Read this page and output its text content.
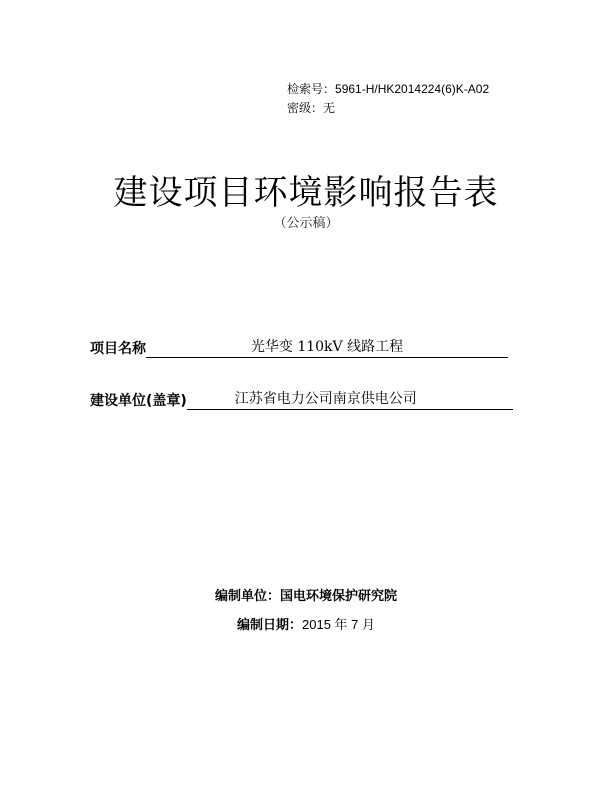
检索号：5961-H/HK2014224(6)K-A02
密级：无
建设项目环境影响报告表
（公示稿）
项目名称	光华变 110kV 线路工程
建设单位(盖章)	江苏省电力公司南京供电公司
编制单位：国电环境保护研究院
编制日期：2015 年 7 月
